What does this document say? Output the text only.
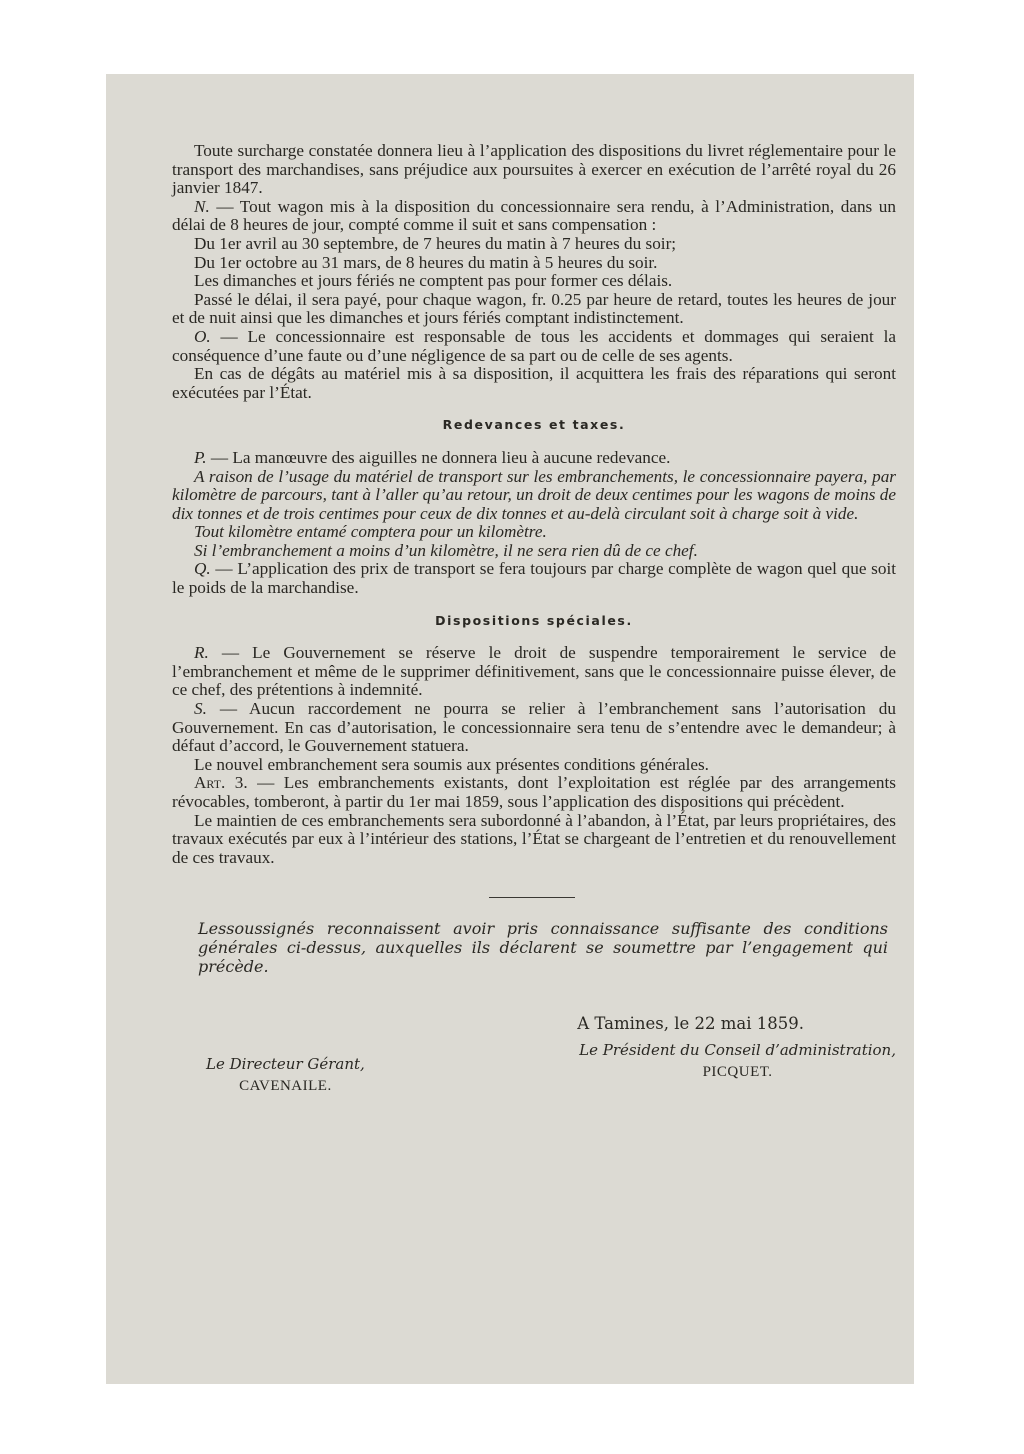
Toute surcharge constatée donnera lieu à l’application des dispositions du livret réglementaire pour le transport des marchandises, sans préjudice aux poursuites à exercer en exécution de l’arrêté royal du 26 janvier 1847.

N. — Tout wagon mis à la disposition du concessionnaire sera rendu, à l’Administration, dans un délai de 8 heures de jour, compté comme il suit et sans compensation :

Du 1er avril au 30 septembre, de 7 heures du matin à 7 heures du soir;

Du 1er octobre au 31 mars, de 8 heures du matin à 5 heures du soir.

Les dimanches et jours fériés ne comptent pas pour former ces délais.

Passé le délai, il sera payé, pour chaque wagon, fr. 0.25 par heure de retard, toutes les heures de jour et de nuit ainsi que les dimanches et jours fériés comptant indistinctement.

O. — Le concessionnaire est responsable de tous les accidents et dommages qui seraient la conséquence d’une faute ou d’une négligence de sa part ou de celle de ses agents.

En cas de dégâts au matériel mis à sa disposition, il acquittera les frais des réparations qui seront exécutées par l’État.

Redevances et taxes.

P. — La manœuvre des aiguilles ne donnera lieu à aucune redevance.

A raison de l’usage du matériel de transport sur les embranchements, le concessionnaire payera, par kilomètre de parcours, tant à l’aller qu’au retour, un droit de deux centimes pour les wagons de moins de dix tonnes et de trois centimes pour ceux de dix tonnes et au-delà circulant soit à charge soit à vide.

Tout kilomètre entamé comptera pour un kilomètre.

Si l’embranchement a moins d’un kilomètre, il ne sera rien dû de ce chef.

Q. — L’application des prix de transport se fera toujours par charge complète de wagon quel que soit le poids de la marchandise.

Dispositions spéciales.

R. — Le Gouvernement se réserve le droit de suspendre temporairement le service de l’embranchement et même de le supprimer définitivement, sans que le concessionnaire puisse élever, de ce chef, des prétentions à indemnité.

S. — Aucun raccordement ne pourra se relier à l’embranchement sans l’autorisation du Gouvernement. En cas d’autorisation, le concessionnaire sera tenu de s’entendre avec le demandeur; à défaut d’accord, le Gouvernement statuera.

Le nouvel embranchement sera soumis aux présentes conditions générales.

Art. 3. — Les embranchements existants, dont l’exploitation est réglée par des arrangements révocables, tomberont, à partir du 1er mai 1859, sous l’application des dispositions qui précèdent.

Le maintien de ces embranchements sera subordonné à l’abandon, à l’État, par leurs propriétaires, des travaux exécutés par eux à l’intérieur des stations, l’État se chargeant de l’entretien et du renouvellement de ces travaux.

Lessoussignés reconnaissent avoir pris connaissance suffisante des conditions générales ci-dessus, auxquelles ils déclarent se soumettre par l’engagement qui précède.

A Tamines, le 22 mai 1859.
Le Directeur Gérant,
CAVENAILE.
Le Président du Conseil d’administration,
PICQUET.
